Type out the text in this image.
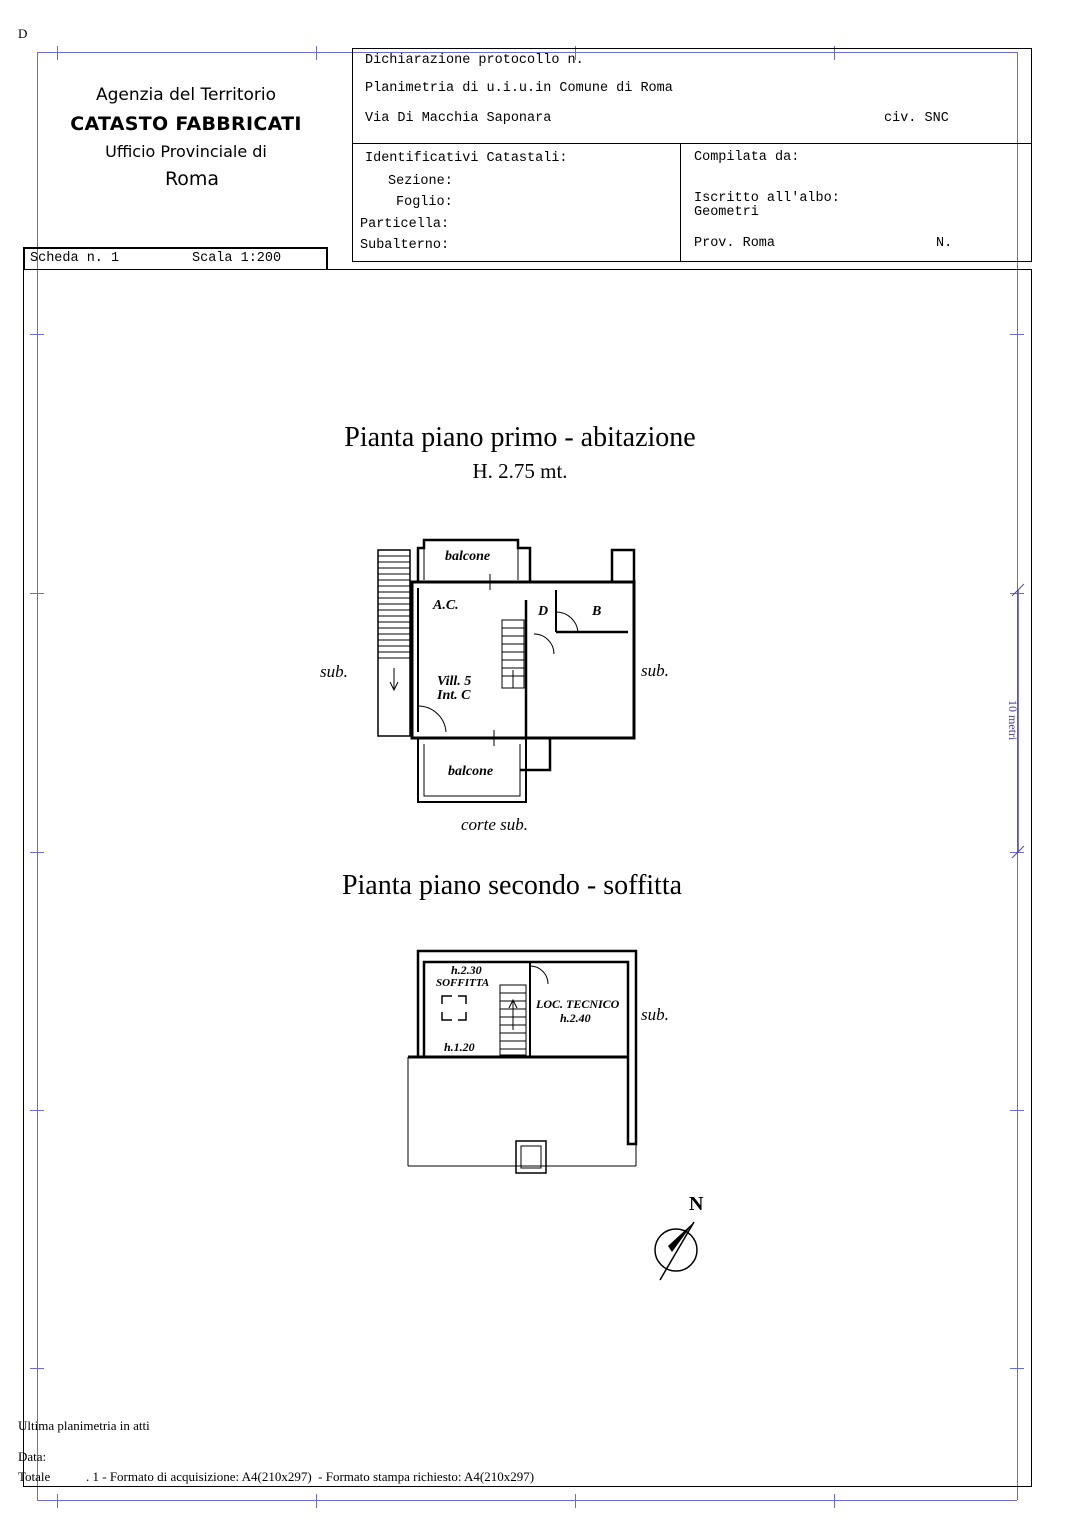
D
Agenzia del Territorio
CATASTO FABBRICATI
Ufficio Provinciale di
Roma
Scheda n. 1	Scala 1:200
Dichiarazione protocollo n.
Planimetria di u.i.u.in Comune di Roma
Via Di Macchia Saponara	civ. SNC
Identificativi Catastali:
Sezione:
Foglio:
Particella:
Subalterno:
Compilata da:
Iscritto all'albo:
Geometri
Prov. Roma	N.
Pianta piano primo - abitazione
H. 2.75 mt.
balcone
A.C.	D	B
sub.	sub.
Vill. 5
Int. C
balcone
corte sub.
Pianta piano secondo - soffitta
h.2.30
SOFFITTA
LOC. TECNICO
h.2.40
h.1.20
sub.
N
10 metri
Ultima planimetria in atti
Data:
Totale	. 1 - Formato di acquisizione: A4(210x297)  - Formato stampa richiesto: A4(210x297)
